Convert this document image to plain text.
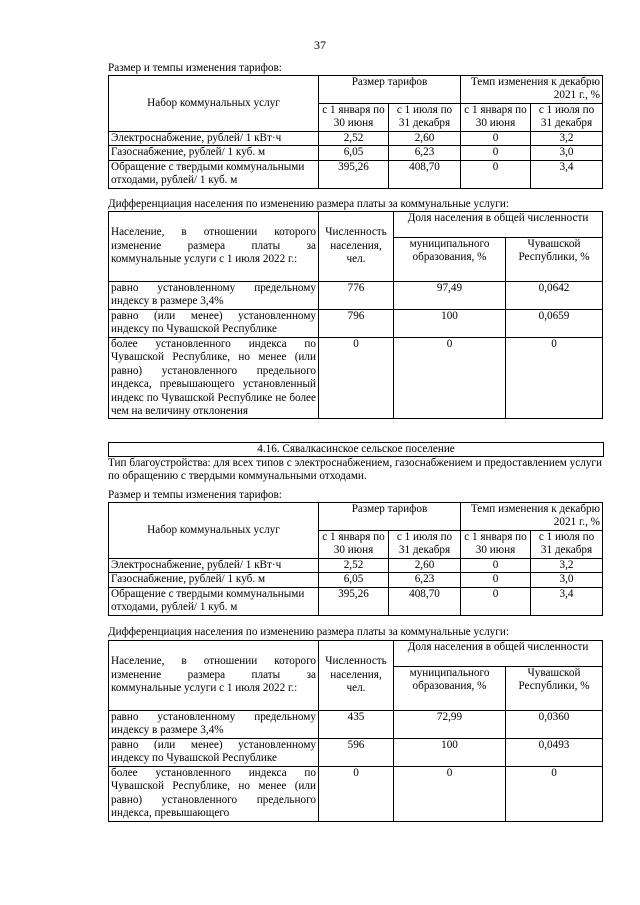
37
Размер и темпы изменения тарифов:
Набор коммунальных услуг	Размер тарифов		Темп изменения к декабрю 2021 г., %	
	с 1 января по 30 июня	с 1 июля по 31 декабря	с 1 января по 30 июня	с 1 июля по 31 декабря
Электроснабжение, рублей/ 1 кВт·ч	2,52	2,60	0	3,2
Газоснабжение, рублей/ 1 куб. м	6,05	6,23	0	3,0
Обращение с твердыми коммунальными отходами, рублей/ 1 куб. м	395,26	408,70	0	3,4
Дифференциация населения по изменению размера платы за коммунальные услуги:
Население, в отношении которого изменение размера платы за коммунальные услуги с 1 июля 2022 г.:	Численность населения, чел.	Доля населения в общей численности	
		муниципального образования, %	Чувашской Республики, %
равно установленному предельному индексу в размере 3,4%	776	97,49	0,0642
равно (или менее) установленному индексу по Чувашской Республике	796	100	0,0659
более установленного индекса по Чувашской Республике, но менее (или равно) установленного предельного индекса, превышающего установленный индекс по Чувашской Республике не более чем на величину отклонения	0	0	0
4.16. Сявалкасинское сельское поселение
Тип благоустройства: для всех типов с электроснабжением, газоснабжением и предоставлением услуги по обращению с твердыми коммунальными отходами.
Размер и темпы изменения тарифов:
Набор коммунальных услуг	Размер тарифов		Темп изменения к декабрю 2021 г., %	
	с 1 января по 30 июня	с 1 июля по 31 декабря	с 1 января по 30 июня	с 1 июля по 31 декабря
Электроснабжение, рублей/ 1 кВт·ч	2,52	2,60	0	3,2
Газоснабжение, рублей/ 1 куб. м	6,05	6,23	0	3,0
Обращение с твердыми коммунальными отходами, рублей/ 1 куб. м	395,26	408,70	0	3,4
Дифференциация населения по изменению размера платы за коммунальные услуги:
Население, в отношении которого изменение размера платы за коммунальные услуги с 1 июля 2022 г.:	Численность населения, чел.	Доля населения в общей численности	
		муниципального образования, %	Чувашской Республики, %
равно установленному предельному индексу в размере 3,4%	435	72,99	0,0360
равно (или менее) установленному индексу по Чувашской Республике	596	100	0,0493
более установленного индекса по Чувашской Республике, но менее (или равно) установленного предельного индекса, превышающего	0	0	0
